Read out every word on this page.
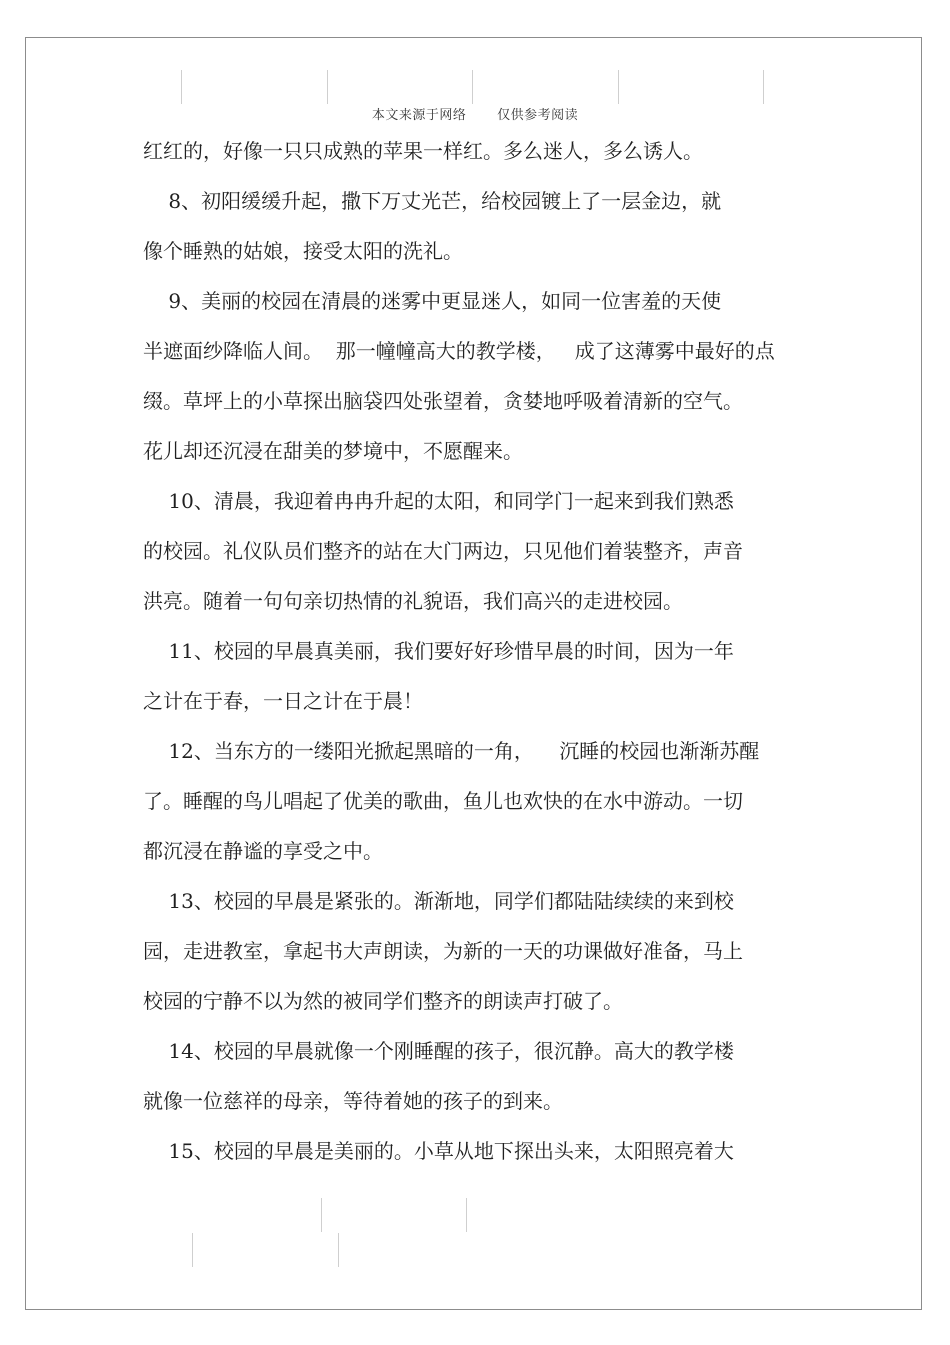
本文来源于网络 仅供参考阅读
红红的，好像一只只成熟的苹果一样红。多么迷人，多么诱人。
8、初阳缓缓升起，撒下万丈光芒，给校园镀上了一层金边，就
像个睡熟的姑娘，接受太阳的洗礼。
9、美丽的校园在清晨的迷雾中更显迷人，如同一位害羞的天使
半遮面纱降临人间。  那一幢幢高大的教学楼，   成了这薄雾中最好的点
缀。草坪上的小草探出脑袋四处张望着，贪婪地呼吸着清新的空气。
花儿却还沉浸在甜美的梦境中，不愿醒来。
10、清晨，我迎着冉冉升起的太阳，和同学门一起来到我们熟悉
的校园。礼仪队员们整齐的站在大门两边，只见他们着装整齐，声音
洪亮。随着一句句亲切热情的礼貌语，我们高兴的走进校园。
11、校园的早晨真美丽，我们要好好珍惜早晨的时间，因为一年
之计在于春，一日之计在于晨！
12、当东方的一缕阳光掀起黑暗的一角，    沉睡的校园也渐渐苏醒
了。睡醒的鸟儿唱起了优美的歌曲，鱼儿也欢快的在水中游动。一切
都沉浸在静谧的享受之中。
13、校园的早晨是紧张的。渐渐地，同学们都陆陆续续的来到校
园，走进教室，拿起书大声朗读，为新的一天的功课做好准备，马上
校园的宁静不以为然的被同学们整齐的朗读声打破了。
14、校园的早晨就像一个刚睡醒的孩子，很沉静。高大的教学楼
就像一位慈祥的母亲，等待着她的孩子的到来。
15、校园的早晨是美丽的。小草从地下探出头来，太阳照亮着大
